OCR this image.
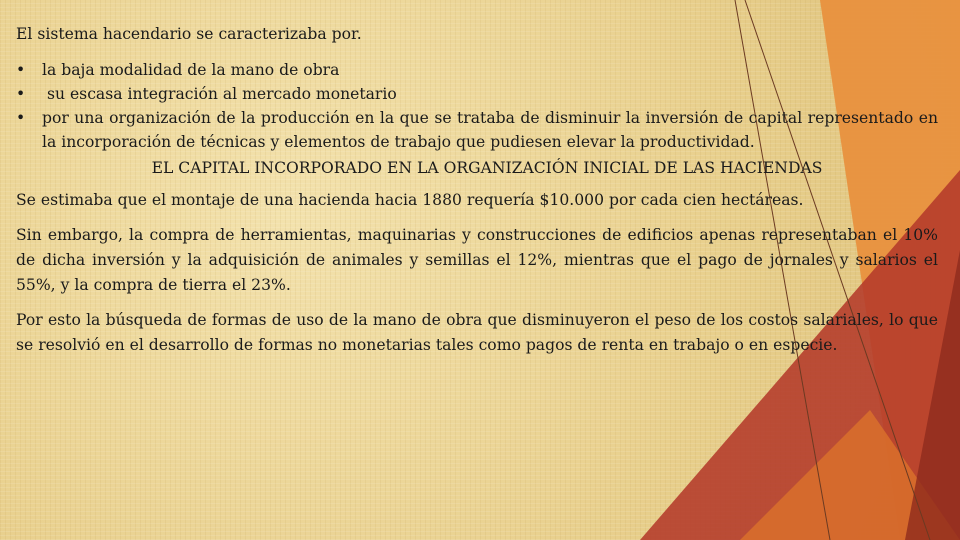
El sistema hacendario se caracterizaba por.
• la baja modalidad de la mano de obra
• su escasa integración al mercado monetario
• por una organización de la producción en la que se trataba de disminuir la inversión de capital representado en la incorporación de técnicas y elementos de trabajo que pudiesen elevar la productividad.
EL CAPITAL INCORPORADO EN LA ORGANIZACIÓN INICIAL DE LAS HACIENDAS

Se estimaba que el montaje de una hacienda hacia 1880 requería $10.000 por cada cien hectáreas.

Sin embargo, la compra de herramientas, maquinarias y construcciones de edificios apenas representaban el 10% de dicha inversión y la adquisición de animales y semillas el 12%, mientras que el pago de jornales y salarios el 55%, y la compra de tierra el 23%.

Por esto la búsqueda de formas de uso de la mano de obra que disminuyeron el peso de los costos salariales, lo que se resolvió en el desarrollo de formas no monetarias tales como pagos de renta en trabajo o en especie.
